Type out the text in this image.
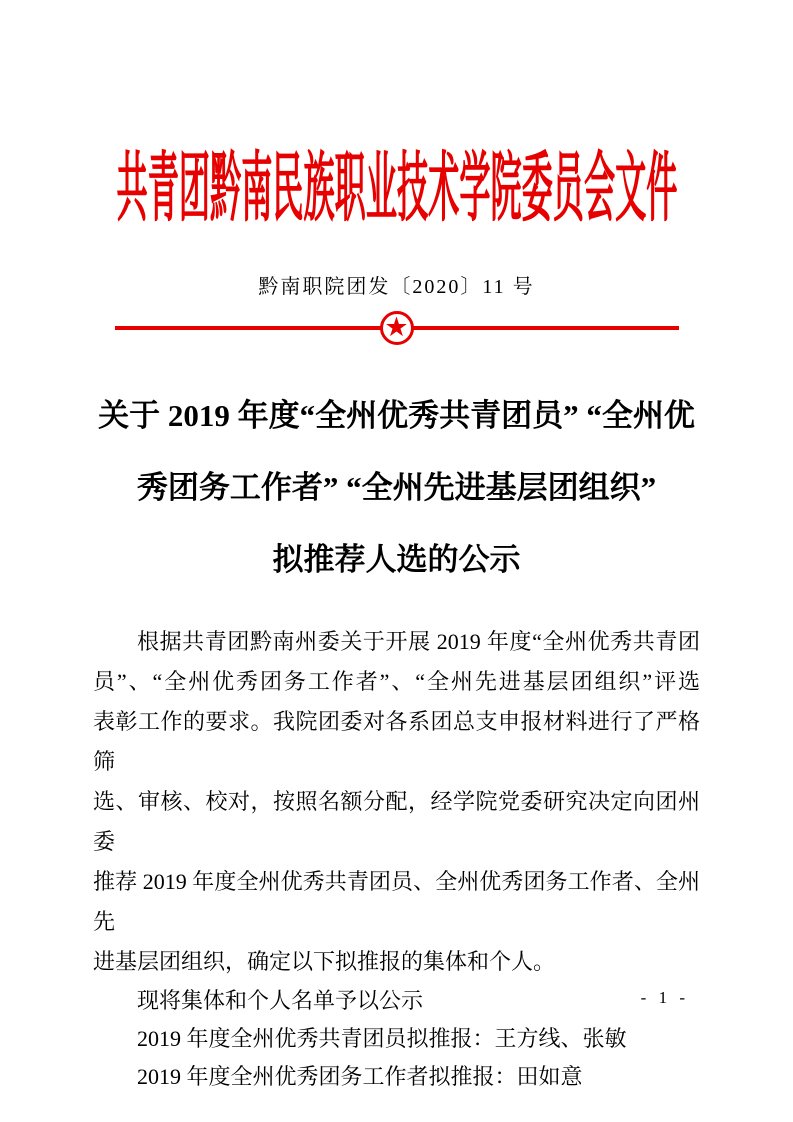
共青团黔南民族职业技术学院委员会文件
黔南职院团发〔2020〕11 号
★
关于 2019 年度“全州优秀共青团员” “全州优
秀团务工作者” “全州先进基层团组织”
拟推荐人选的公示
根据共青团黔南州委关于开展 2019 年度“全州优秀共青团
员”、“全州优秀团务工作者”、“全州先进基层团组织”评选
表彰工作的要求。我院团委对各系团总支申报材料进行了严格筛
选、审核、校对，按照名额分配，经学院党委研究决定向团州委
推荐 2019 年度全州优秀共青团员、全州优秀团务工作者、全州先
进基层团组织，确定以下拟推报的集体和个人。
现将集体和个人名单予以公示
2019 年度全州优秀共青团员拟推报：王方线、张敏
2019 年度全州优秀团务工作者拟推报：田如意
- 1 -
